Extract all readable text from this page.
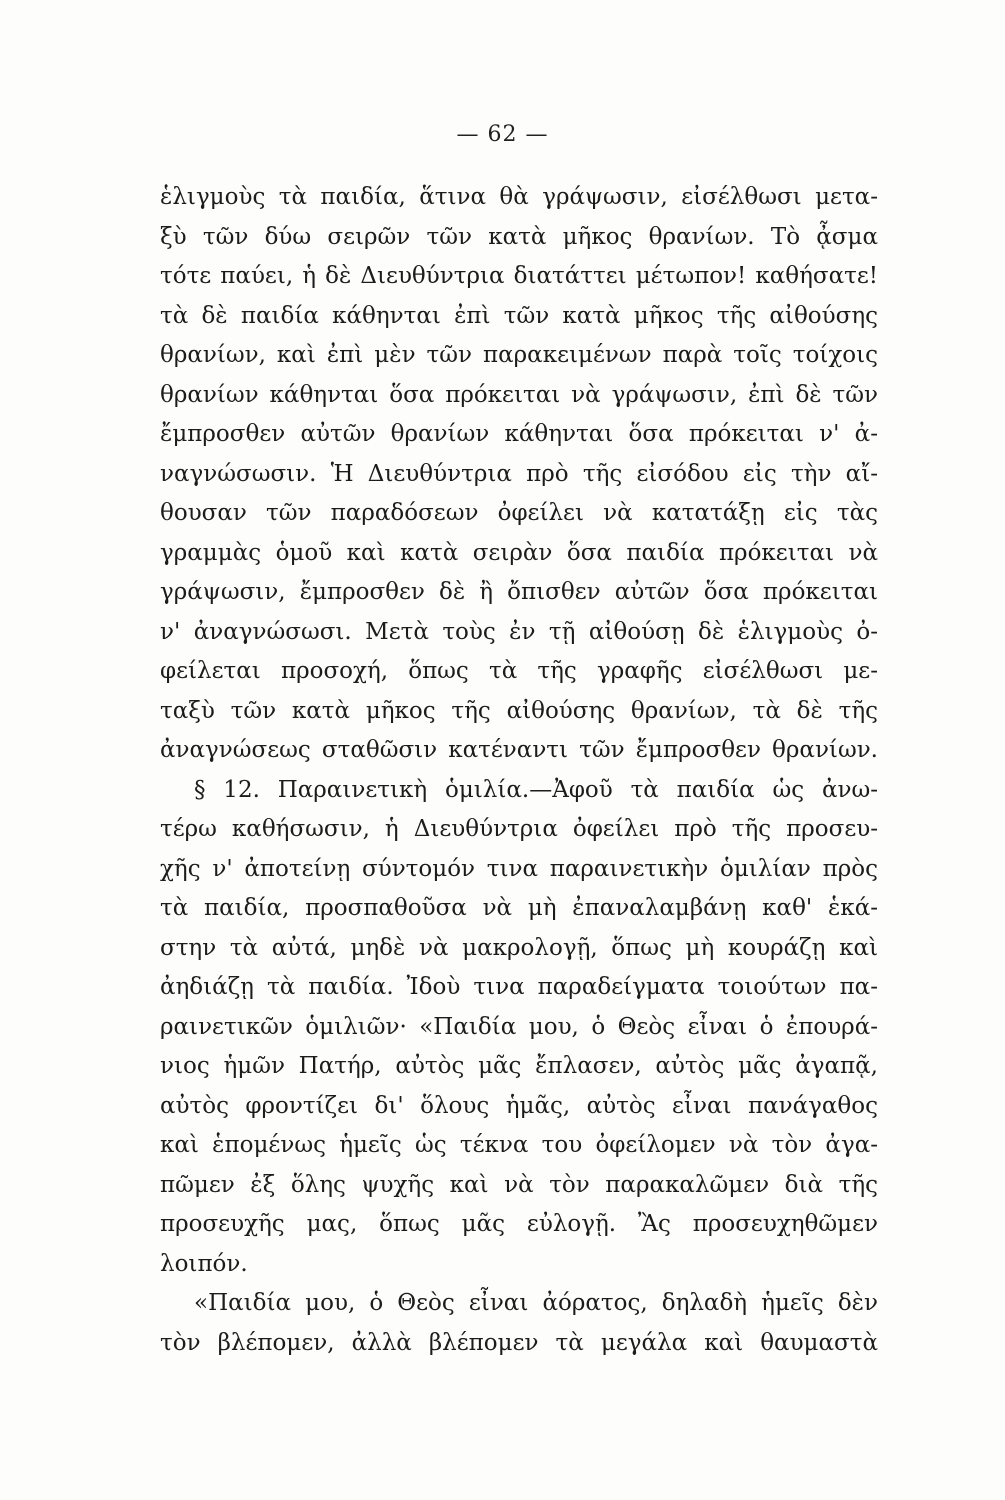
— 62 —
ἑλιγμοὺς τὰ παιδία, ἅτινα θὰ γράψωσιν, εἰσέλθωσι μετα-
ξὺ τῶν δύω σειρῶν τῶν κατὰ μῆκος θρανίων. Τὸ ᾆσμα
τότε παύει, ἡ δὲ Διευθύντρια διατάττει μέτωπον! καθήσατε!
τὰ δὲ παιδία κάθηνται ἐπὶ τῶν κατὰ μῆκος τῆς αἰθούσης
θρανίων, καὶ ἐπὶ μὲν τῶν παρακειμένων παρὰ τοῖς τοίχοις
θρανίων κάθηνται ὅσα πρόκειται νὰ γράψωσιν, ἐπὶ δὲ τῶν
ἔμπροσθεν αὐτῶν θρανίων κάθηνται ὅσα πρόκειται ν' ἀ-
ναγνώσωσιν. Ἡ Διευθύντρια πρὸ τῆς εἰσόδου εἰς τὴν αἴ-
θουσαν τῶν παραδόσεων ὀφείλει νὰ κατατάξῃ εἰς τὰς
γραμμὰς ὁμοῦ καὶ κατὰ σειρὰν ὅσα παιδία πρόκειται νὰ
γράψωσιν, ἔμπροσθεν δὲ ἢ ὄπισθεν αὐτῶν ὅσα πρόκειται
ν' ἀναγνώσωσι. Μετὰ τοὺς ἐν τῇ αἰθούσῃ δὲ ἑλιγμοὺς ὀ-
φείλεται προσοχή, ὅπως τὰ τῆς γραφῆς εἰσέλθωσι με-
ταξὺ τῶν κατὰ μῆκος τῆς αἰθούσης θρανίων, τὰ δὲ τῆς
ἀναγνώσεως σταθῶσιν κατέναντι τῶν ἔμπροσθεν θρανίων.
§ 12. Παραινετικὴ ὁμιλία.—Ἀφοῦ τὰ παιδία ὡς ἀνω-
τέρω καθήσωσιν, ἡ Διευθύντρια ὀφείλει πρὸ τῆς προσευ-
χῆς ν' ἀποτείνῃ σύντομόν τινα παραινετικὴν ὁμιλίαν πρὸς
τὰ παιδία, προσπαθοῦσα νὰ μὴ ἐπαναλαμβάνῃ καθ' ἑκά-
στην τὰ αὐτά, μηδὲ νὰ μακρολογῇ, ὅπως μὴ κουράζῃ καὶ
ἀηδιάζῃ τὰ παιδία. Ἰδοὺ τινα παραδείγματα τοιούτων πα-
ραινετικῶν ὁμιλιῶν· «Παιδία μου, ὁ Θεὸς εἶναι ὁ ἐπουρά-
νιος ἡμῶν Πατήρ, αὐτὸς μᾶς ἔπλασεν, αὐτὸς μᾶς ἀγαπᾷ,
αὐτὸς φροντίζει δι' ὅλους ἡμᾶς, αὐτὸς εἶναι πανάγαθος
καὶ ἑπομένως ἡμεῖς ὡς τέκνα του ὀφείλομεν νὰ τὸν ἀγα-
πῶμεν ἐξ ὅλης ψυχῆς καὶ νὰ τὸν παρακαλῶμεν διὰ τῆς
προσευχῆς μας, ὅπως μᾶς εὐλογῇ. Ἂς προσευχηθῶμεν
λοιπόν.
«Παιδία μου, ὁ Θεὸς εἶναι ἀόρατος, δηλαδὴ ἡμεῖς δὲν
τὸν βλέπομεν, ἀλλὰ βλέπομεν τὰ μεγάλα καὶ θαυμαστὰ
